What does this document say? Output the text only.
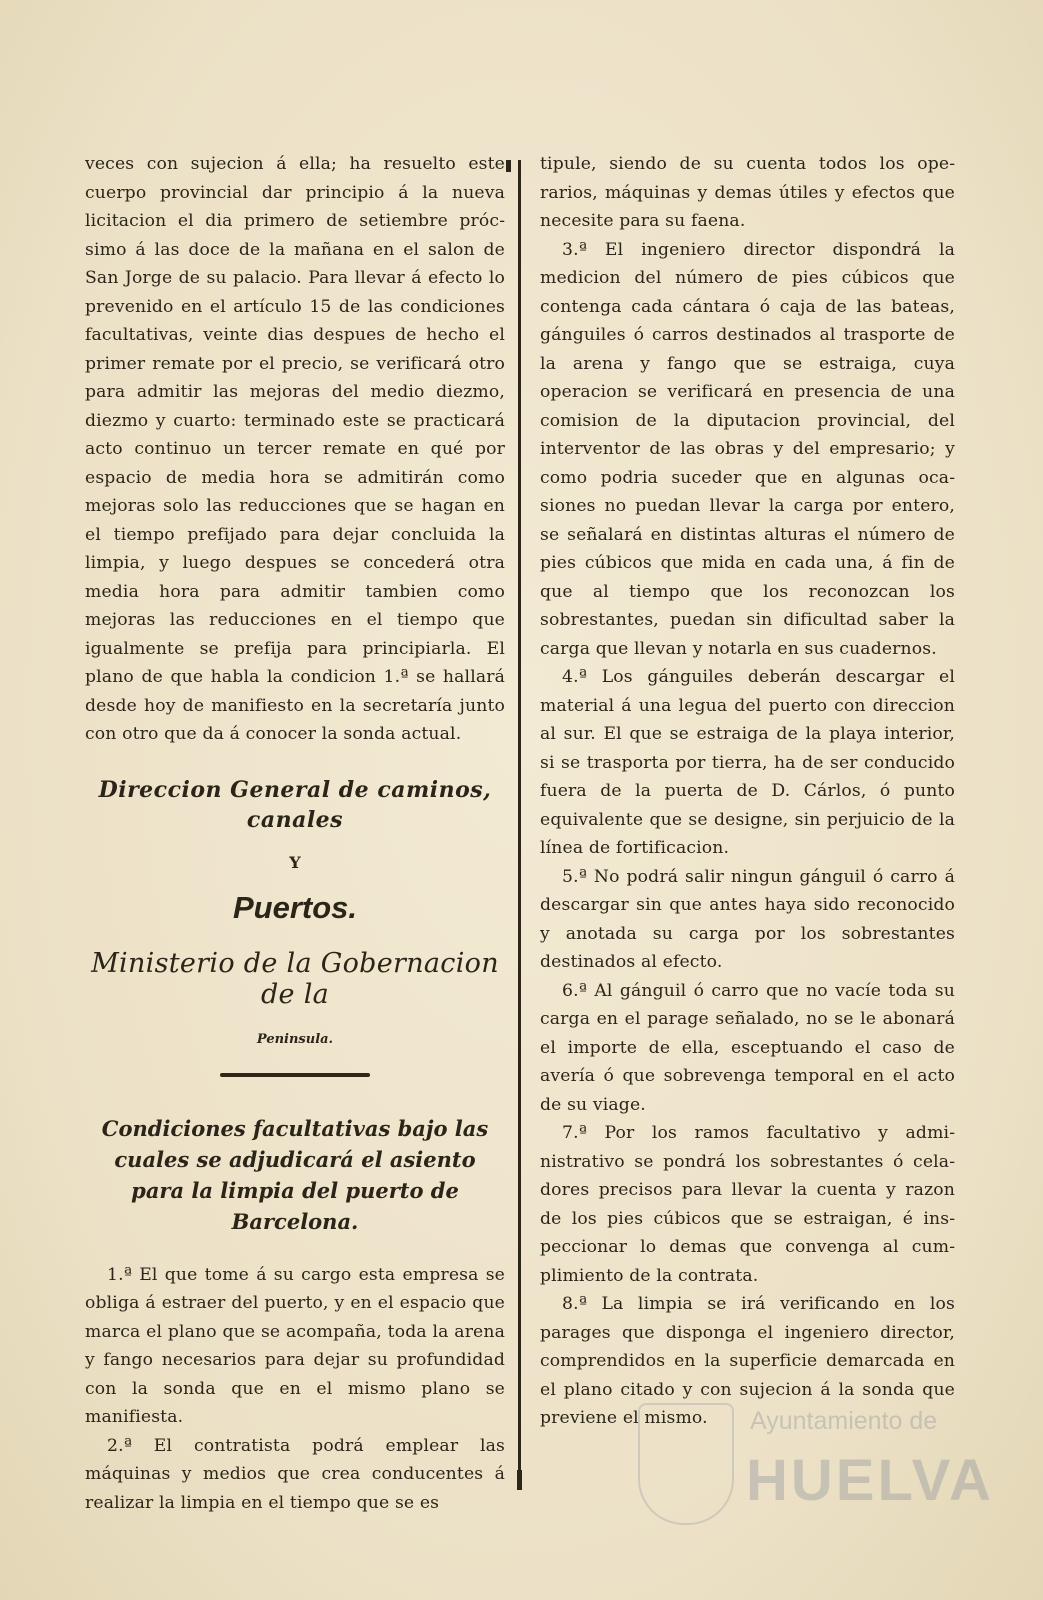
veces con sujecion á ella; ha resuelto este cuerpo provincial dar principio á la nueva licitacion el dia primero de setiembre prócsimo á las doce de la mañana en el salon de San Jorge de su palacio. Para llevar á efecto lo prevenido en el artículo 15 de las condiciones facultativas, veinte dias despues de hecho el primer remate por el precio, se verificará otro para admitir las mejoras del medio diezmo, diezmo y cuarto: terminado este se practicará acto continuo un tercer remate en qué por espacio de media hora se admitirán como mejoras solo las reducciones que se hagan en el tiempo prefijado para dejar concluida la limpia, y luego despues se concederá otra media hora para admitir tambien como mejoras las reducciones en el tiempo que igualmente se prefija para principiarla. El plano de que habla la condicion 1.ª se hallará desde hoy de manifiesto en la secretaría junto con otro que da á conocer la sonda actual.

Direccion General de caminos, canales
Y
Puertos.
Ministerio de la Gobernacion de la
Peninsula.
Condiciones facultativas bajo las cuales se adjudicará el asiento para la limpia del puerto de Barcelona.

1.ª El que tome á su cargo esta empresa se obliga á estraer del puerto, y en el espacio que marca el plano que se acompaña, toda la arena y fango necesarios para dejar su profundidad con la sonda que en el mismo plano se manifiesta.

2.ª El contratista podrá emplear las máquinas y medios que crea conducentes á realizar la limpia en el tiempo que se es

tipule, siendo de su cuenta todos los operarios, máquinas y demas útiles y efectos que necesite para su faena.

3.ª El ingeniero director dispondrá la medicion del número de pies cúbicos que contenga cada cántara ó caja de las bateas, gánguiles ó carros destinados al trasporte de la arena y fango que se estraiga, cuya operacion se verificará en presencia de una comision de la diputacion provincial, del interventor de las obras y del empresario; y como podria suceder que en algunas ocasiones no puedan llevar la carga por entero, se señalará en distintas alturas el número de pies cúbicos que mida en cada una, á fin de que al tiempo que los reconozcan los sobrestantes, puedan sin dificultad saber la carga que llevan y notarla en sus cuadernos.

4.ª Los gánguiles deberán descargar el material á una legua del puerto con direccion al sur. El que se estraiga de la playa interior, si se trasporta por tierra, ha de ser conducido fuera de la puerta de D. Cárlos, ó punto equivalente que se designe, sin perjuicio de la línea de fortificacion.

5.ª No podrá salir ningun gánguil ó carro á descargar sin que antes haya sido reconocido y anotada su carga por los sobrestantes destinados al efecto.

6.ª Al gánguil ó carro que no vacíe toda su carga en el parage señalado, no se le abonará el importe de ella, esceptuando el caso de avería ó que sobrevenga temporal en el acto de su viage.

7.ª Por los ramos facultativo y administrativo se pondrá los sobrestantes ó celadores precisos para llevar la cuenta y razon de los pies cúbicos que se estraigan, é inspeccionar lo demas que convenga al cumplimiento de la contrata.

8.ª La limpia se irá verificando en los parages que disponga el ingeniero director, comprendidos en la superficie demarcada en el plano citado y con sujecion á la sonda que previene el mismo.	Ayuntamiento de
HUELVA
